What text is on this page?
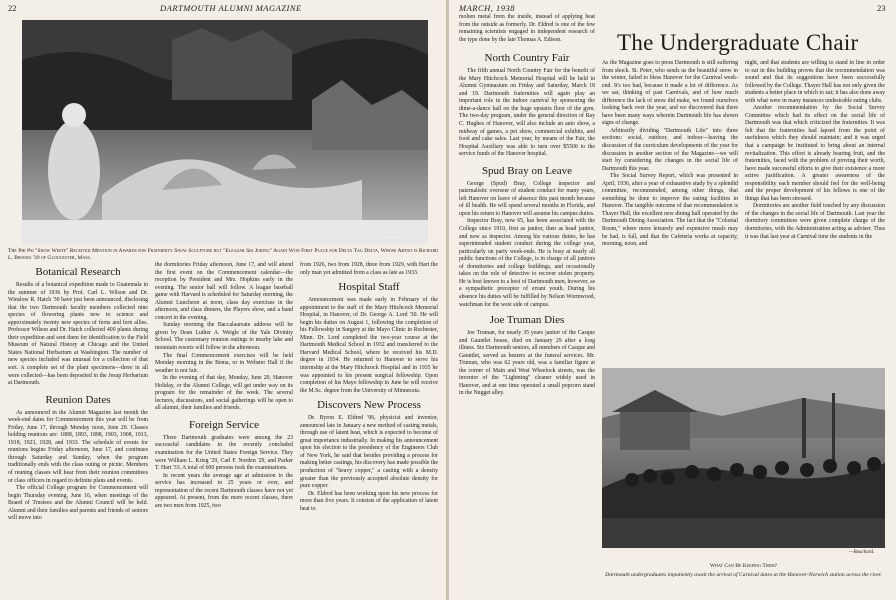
22	DARTMOUTH ALUMNI MAGAZINE
—Bouchard.
The Phi Psi "Snow White" Received Mention in Awards for Fraternity Snow Sculpture but "Eleazar Ski Joring" Again Won First Place for Delta Tau Delta, Whose Artist is Richard L. Brooks '39 of Gloucester, Mass.
Botanical Research

Results of a botanical expedition made to Guatemala in the summer of 1936 by Prof. Carl L. Wilson and Dr. Winslow R. Hatch '30 have just been announced, disclosing that the two Dartmouth faculty members collected nine species of flowering plants new to science and approximately twenty new species of ferns and fern allies. Professor Wilson and Dr. Hatch collected 400 plants during their expedition and sent them for identification to the Field Museum of Natural History at Chicago and the United States National Herbarium at Washington. The number of new species included was unusual for a collection of that sort. A complete set of the plant specimens—three in all were collected—has been deposited in the Jesup Herbarium at Dartmouth.

Reunion Dates

As announced in the Alumni Magazine last month the week-end dates for Commencement this year will be from Friday, June 17, through Monday noon, June 20. Classes holding reunions are: 1888, 1893, 1898, 1903, 1908, 1913, 1918, 1923, 1928, and 1933. The schedule of events for reunions begins Friday afternoon, June 17, and continues through Saturday and Sunday, when the program traditionally ends with the class outing or picnic. Members of reuning classes will hear from their reunion committees or class officers in regard to definite plans and events.

The official College program for Commencement will begin Thursday evening, June 16, when meetings of the Board of Trustees and the Alumni Council will be held. Alumni and their families and parents and friends of seniors will move into

the dormitories Friday afternoon, June 17, and will attend the first event on the Commencement calendar—the reception by President and Mrs. Hopkins early in the evening. The senior ball will follow. A league baseball game with Harvard is scheduled for Saturday morning, the Alumni Luncheon at noon, class day exercises in the afternoon, and class dinners, the Players show, and a band concert in the evening.

Sunday morning the Baccalaureate address will be given by Dean Luther A. Weigle of the Yale Divinity School. The customary reunion outings to nearby lake and mountain resorts will follow in the afternoon.

The final Commencement exercises will be held Monday morning in the Bema, or in Webster Hall if the weather is not fair.

In the evening of that day, Monday, June 20, Hanover Holiday, or the Alumni College, will get under way on its program for the remainder of the week. The several lectures, discussions, and social gatherings will be open to all alumni, their families and friends.

Foreign Service

Three Dartmouth graduates were among the 23 successful candidates in the recently concluded examination for the United States Foreign Service. They were William L. Krieg '29, Carl F. Norden '29, and Parker T. Hart '33. A total of 600 persons took the examinations.

In recent years the average age at admission to the service has increased to 25 years or over, and representation of the recent Dartmouth classes have not yet appeared. At present, from the more recent classes, there are two men from 1925, two

from 1926, two from 1928, three from 1929, with Hart the only man yet admitted from a class as late as 1933.

Hospital Staff

Announcement was made early in February of the appointment to the staff of the Mary Hitchcock Memorial Hospital, in Hanover, of Dr. George A. Lord '30. He will begin his duties on August 1, following the completion of his Fellowship in Surgery at the Mayo Clinic in Rochester, Minn. Dr. Lord completed the two-year course at the Dartmouth Medical School in 1932 and transferred to the Harvard Medical School, where he received his M.D. degree in 1934. He returned to Hanover to serve his internship at the Mary Hitchcock Hospital and in 1935 he was appointed to his present surgical fellowship. Upon completion of his Mayo fellowship in June he will receive the M.Sc. degree from the University of Minnesota.

Discovers New Process

Dr. Byron E. Eldred '06, physicist and inventor, announced late in January a new method of casting metals, through use of latent heat, which is expected to become of great importance industrially. In making his announcement upon his election to the presidency of the Engineers Club of New York, he said that besides providing a process for making better castings, his discovery has made possible the production of "heavy copper," a casting with a density greater than the previously accepted absolute density for pure copper.

Dr. Eldred has been working upon his new process for more than five years. It consists of the application of latent heat to

MARCH, 1938	23

molten metal from the inside, instead of applying heat from the outside as formerly. Dr. Eldred is one of the few remaining scientists engaged in independent research of the type done by the late Thomas A. Edison.

North Country Fair

The fifth annual North Country Fair for the benefit of the Mary Hitchcock Memorial Hospital will be held in Alumni Gymnasium on Friday and Saturday, March 18 and 19. Dartmouth fraternities will again play an important role in the indoor carnival by sponsoring the dime-a-dance hall on the huge upstairs floor of the gym. The two-day program, under the general direction of Ray C. Hughes of Hanover, will also include an auto show, a midway of games, a pet show, commercial exhibits, and food and cake sales. Last year, by means of the Fair, the Hospital Auxiliary was able to turn over $5500 to the service funds of the Hanover hospital.

Spud Bray on Leave

George (Spud) Bray, College inspector and paternalistic overseer of student conduct for many years, left Hanover on leave of absence this past month because of ill health. He will spend several months in Florida, and upon his return to Hanover will assume his campus duties.

Inspector Bray, now 65, has been associated with the College since 1910, first as janitor, then as head janitor, and now as inspector. Among his various duties, he has superintended student conduct during the college year, particularly on party week-ends. He is busy at nearly all public functions of the College, is in charge of all janitors of dormitories and college buildings, and occasionally takes on the role of detective to recover stolen property. He is best known to a host of Dartmouth men, however, as a sympathetic preceptor of errant youth. During his absence his duties will be fulfilled by Nelson Wormwood, watchman for the west side of campus.

Joe Truman Dies

Joe Truman, for nearly 35 years janitor of the Casque and Gauntlet house, died on January 29 after a long illness. Six Dartmouth seniors, all members of Casque and Gauntlet, served as bearers at the funeral services. Mr. Truman, who was 62 years old, was a familiar figure at the corner of Main and West Wheelock streets, was the inventor of the "Lightning" cleaner widely used in Hanover, and at one time operated a small popcorn stand in the Nugget alley.

The Undergraduate Chair

As the Magazine goes to press Dartmouth is still suffering from shock. St. Peter, who sends us the beautiful snow in the winter, failed to bless Hanover for the Carnival week-end. It's too bad, because it made a lot of difference. As we sat, thinking of past Carnivals, and of how much difference the lack of snow did make, we found ourselves looking back over the year, and we discovered that there have been many ways wherein Dartmouth life has shown signs of change.

Arbitrarily dividing "Dartmouth Life" into three sections: social, outdoor, and indoor—leaving the discussion of the curriculum developments of the year for discussion in another section of the Magazine—we will start by considering the changes in the social life of Dartmouth this year.

The Social Survey Report, which was presented in April, 1936, after a year of exhaustive study by a splendid committee, recommended, among other things, that something be done to improve the eating facilities in Hanover. The tangible outcome of that recommendation is Thayer Hall, the excellent new dining hall operated by the Dartmouth Dining Association. The fact that the "Colonial Room," where more leisurely and expensive meals may be had, is full, and that the Cafeteria works at capacity, morning, noon, and

night, and that students are willing to stand in line in order to eat in this building proves that the recommendation was sound and that its suggestions have been successfully followed by the College. Thayer Hall has not only given the students a better place in which to eat; it has also done away with what were in many instances undesirable eating clubs.

Another recommendation by the Social Survey Committee which had its effect on the social life of Dartmouth was that which criticized the fraternities. It was felt that the fraternities had lapsed from the point of usefulness which they should maintain; and it was urged that a campaign be instituted to bring about an internal revitalization. This effort is already bearing fruit, and the fraternities, faced with the problem of proving their worth, have made successful efforts to give their existence a more active justification. A greater awareness of the responsibility each member should feel for the well-being and the proper development of his fellows is one of the things that has been stressed.

Dormitories are another field touched by any discussion of the changes in the social life of Dartmouth. Last year the dormitory committees were given complete charge of the dormitories, with the Administration acting as adviser. Thus it was that last year at Carnival time the students in the

—Bouchard.
What Can Be Keeping Them?
Dartmouth undergraduates impatiently await the arrival of Carnival dates at the Hanover-Norwich station across the river.
